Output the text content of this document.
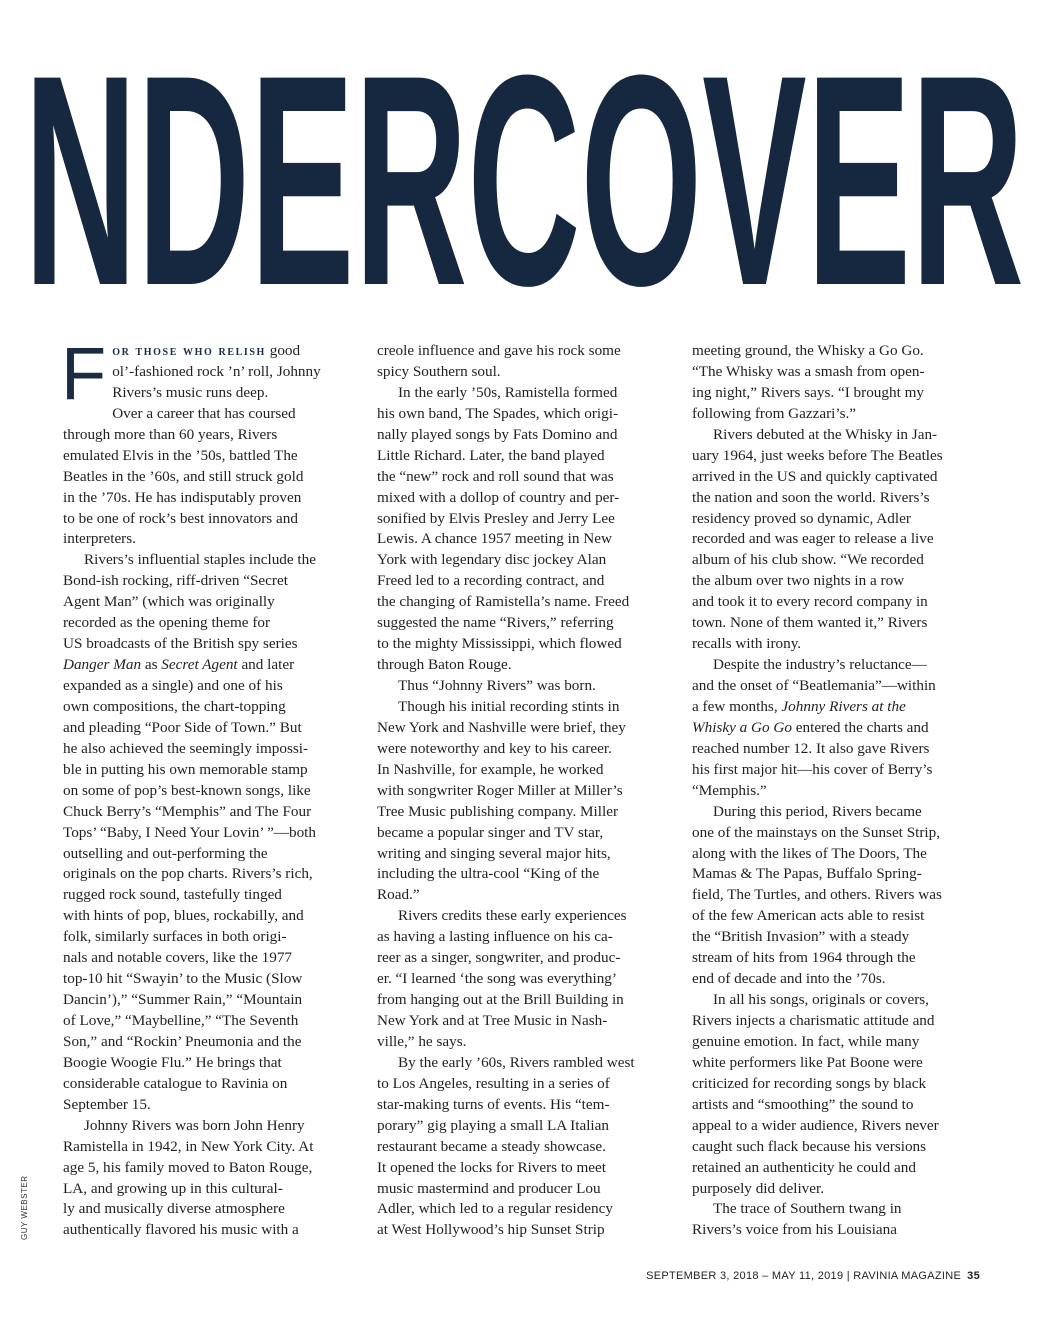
NDERCOVER
GUY WEBSTER
F or those who relish good
ol’-fashioned rock ’n’ roll, Johnny
Rivers’s music runs deep.
Over a career that has coursed
through more than 60 years, Rivers
emulated Elvis in the ’50s, battled The
Beatles in the ’60s, and still struck gold
in the ’70s. He has indisputably proven
to be one of rock’s best innovators and
interpreters.
Rivers’s influential staples include the
Bond-ish rocking, riff-driven “Secret
Agent Man” (which was originally
recorded as the opening theme for
US broadcasts of the British spy series
Danger Man as Secret Agent and later
expanded as a single) and one of his
own compositions, the chart-topping
and pleading “Poor Side of Town.” But
he also achieved the seemingly impossi-
ble in putting his own memorable stamp
on some of pop’s best-known songs, like
Chuck Berry’s “Memphis” and The Four
Tops’ “Baby, I Need Your Lovin’ ”—both
outselling and out-performing the
originals on the pop charts. Rivers’s rich,
rugged rock sound, tastefully tinged
with hints of pop, blues, rockabilly, and
folk, similarly surfaces in both origi-
nals and notable covers, like the 1977
top-10 hit “Swayin’ to the Music (Slow
Dancin’),” “Summer Rain,” “Mountain
of Love,” “Maybelline,” “The Seventh
Son,” and “Rockin’ Pneumonia and the
Boogie Woogie Flu.” He brings that
considerable catalogue to Ravinia on
September 15.
Johnny Rivers was born John Henry
Ramistella in 1942, in New York City. At
age 5, his family moved to Baton Rouge,
LA, and growing up in this cultural-
ly and musically diverse atmosphere
authentically flavored his music with a
creole influence and gave his rock some
spicy Southern soul.
In the early ’50s, Ramistella formed
his own band, The Spades, which origi-
nally played songs by Fats Domino and
Little Richard. Later, the band played
the “new” rock and roll sound that was
mixed with a dollop of country and per-
sonified by Elvis Presley and Jerry Lee
Lewis. A chance 1957 meeting in New
York with legendary disc jockey Alan
Freed led to a recording contract, and
the changing of Ramistella’s name. Freed
suggested the name “Rivers,” referring
to the mighty Mississippi, which flowed
through Baton Rouge.
Thus “Johnny Rivers” was born.
Though his initial recording stints in
New York and Nashville were brief, they
were noteworthy and key to his career.
In Nashville, for example, he worked
with songwriter Roger Miller at Miller’s
Tree Music publishing company. Miller
became a popular singer and TV star,
writing and singing several major hits,
including the ultra-cool “King of the
Road.”
Rivers credits these early experiences
as having a lasting influence on his ca-
reer as a singer, songwriter, and produc-
er. “I learned ‘the song was everything’
from hanging out at the Brill Building in
New York and at Tree Music in Nash-
ville,” he says.
By the early ’60s, Rivers rambled west
to Los Angeles, resulting in a series of
star-making turns of events. His “tem-
porary” gig playing a small LA Italian
restaurant became a steady showcase.
It opened the locks for Rivers to meet
music mastermind and producer Lou
Adler, which led to a regular residency
at West Hollywood’s hip Sunset Strip
meeting ground, the Whisky a Go Go.
“The Whisky was a smash from open-
ing night,” Rivers says. “I brought my
following from Gazzari’s.”
Rivers debuted at the Whisky in Jan-
uary 1964, just weeks before The Beatles
arrived in the US and quickly captivated
the nation and soon the world. Rivers’s
residency proved so dynamic, Adler
recorded and was eager to release a live
album of his club show. “We recorded
the album over two nights in a row
and took it to every record company in
town. None of them wanted it,” Rivers
recalls with irony.
Despite the industry’s reluctance—
and the onset of “Beatlemania”—within
a few months, Johnny Rivers at the
Whisky a Go Go entered the charts and
reached number 12. It also gave Rivers
his first major hit—his cover of Berry’s
“Memphis.”
During this period, Rivers became
one of the mainstays on the Sunset Strip,
along with the likes of The Doors, The
Mamas & The Papas, Buffalo Spring-
field, The Turtles, and others. Rivers was
of the few American acts able to resist
the “British Invasion” with a steady
stream of hits from 1964 through the
end of decade and into the ’70s.
In all his songs, originals or covers,
Rivers injects a charismatic attitude and
genuine emotion. In fact, while many
white performers like Pat Boone were
criticized for recording songs by black
artists and “smoothing” the sound to
appeal to a wider audience, Rivers never
caught such flack because his versions
retained an authenticity he could and
purposely did deliver.
The trace of Southern twang in
Rivers’s voice from his Louisiana
SEPTEMBER 3, 2018 – MAY 11, 2019 | RAVINIA MAGAZINE 35
